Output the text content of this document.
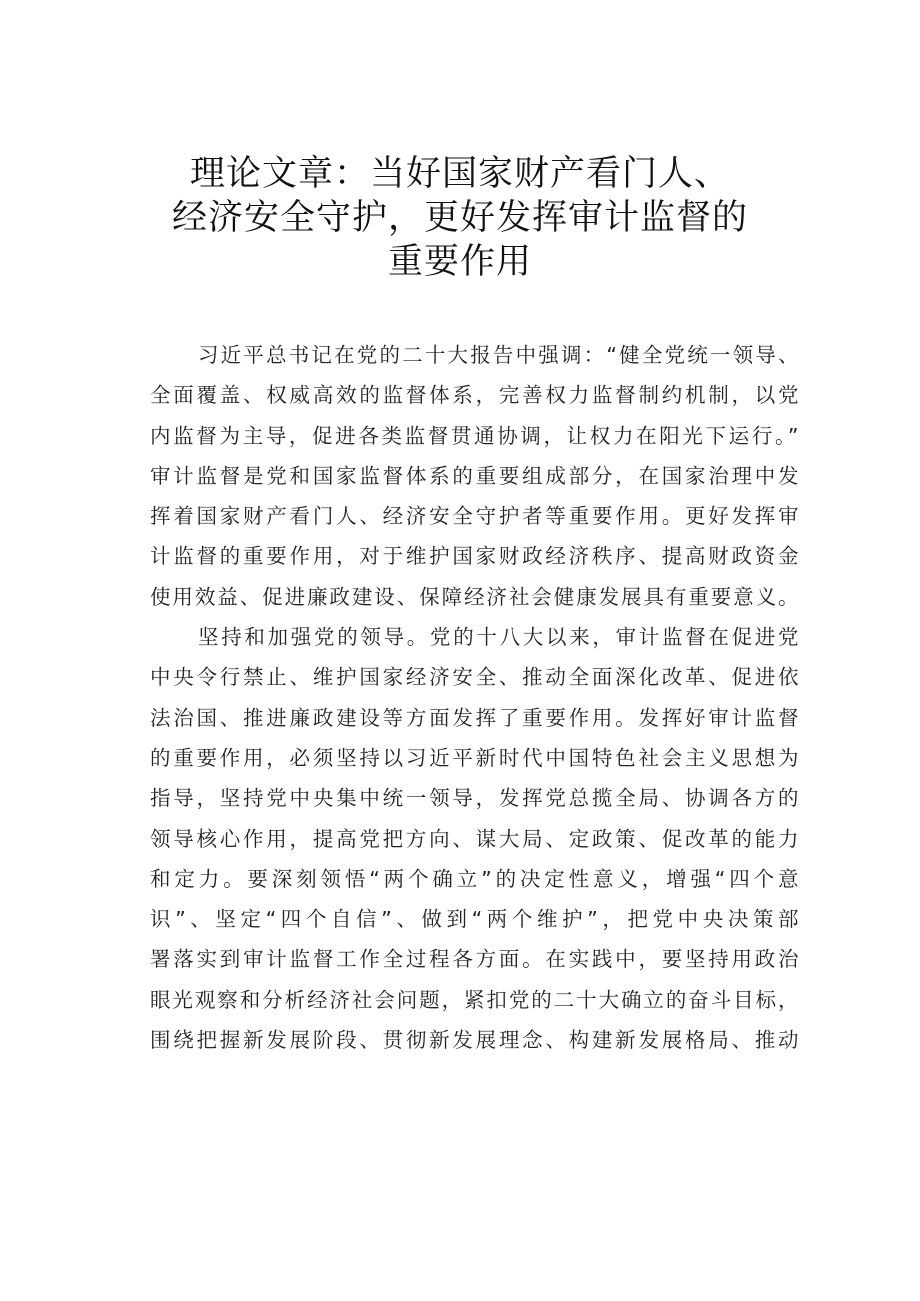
理论文章：当好国家财产看门人、
经济安全守护，更好发挥审计监督的
重要作用
习近平总书记在党的二十大报告中强调：“健全党统一领导、
全面覆盖、权威高效的监督体系，完善权力监督制约机制，以党
内监督为主导，促进各类监督贯通协调，让权力在阳光下运行。”
审计监督是党和国家监督体系的重要组成部分，在国家治理中发
挥着国家财产看门人、经济安全守护者等重要作用。更好发挥审
计监督的重要作用，对于维护国家财政经济秩序、提高财政资金
使用效益、促进廉政建设、保障经济社会健康发展具有重要意义。
坚持和加强党的领导。党的十八大以来，审计监督在促进党
中央令行禁止、维护国家经济安全、推动全面深化改革、促进依
法治国、推进廉政建设等方面发挥了重要作用。发挥好审计监督
的重要作用，必须坚持以习近平新时代中国特色社会主义思想为
指导，坚持党中央集中统一领导，发挥党总揽全局、协调各方的
领导核心作用，提高党把方向、谋大局、定政策、促改革的能力
和定力。要深刻领悟“两个确立”的决定性意义，增强“四个意
识”、坚定“四个自信”、做到“两个维护”，把党中央决策部
署落实到审计监督工作全过程各方面。在实践中，要坚持用政治
眼光观察和分析经济社会问题，紧扣党的二十大确立的奋斗目标，
围绕把握新发展阶段、贯彻新发展理念、构建新发展格局、推动
